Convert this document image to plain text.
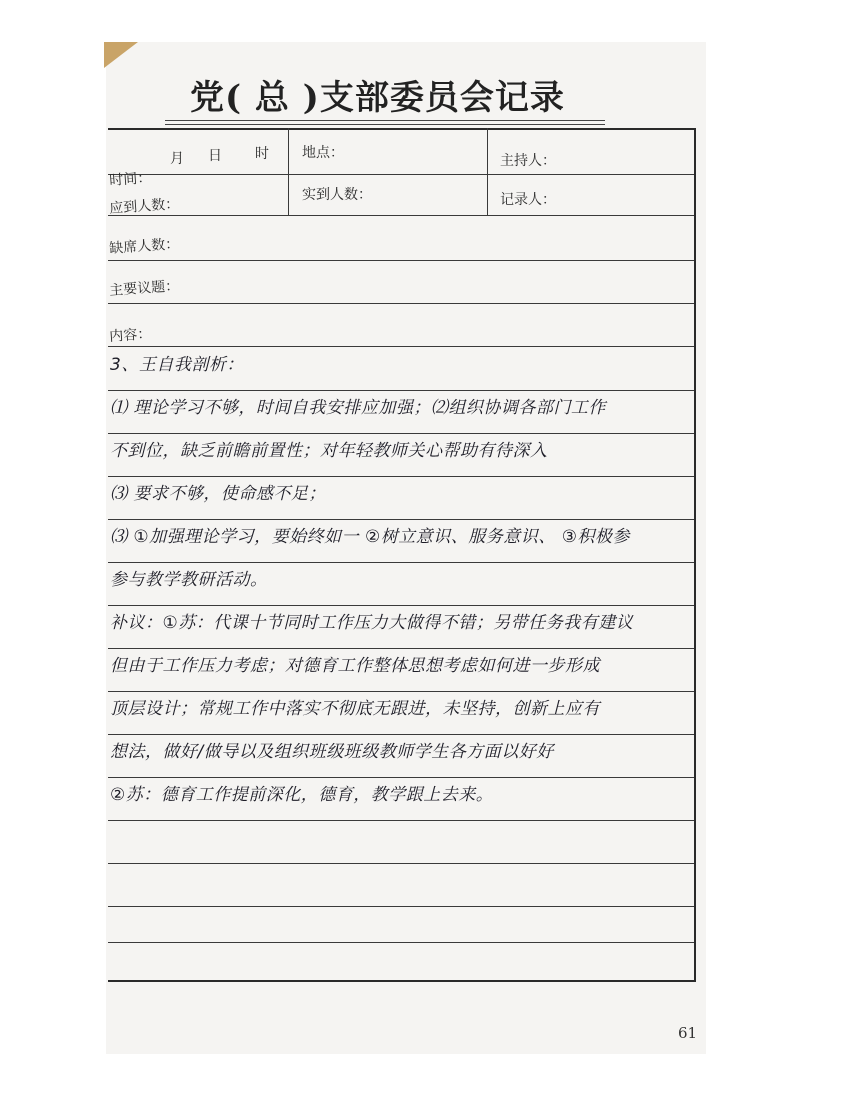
党( 总 )支部委员会记录
时间：
月 日 时 地点：	主持人：
应到人数：
实到人数：	记录人：
缺席人数：
主要议题：
内容：
3、王自我剖析：
⑴ 理论学习不够，时间自我安排应加强；⑵组织协调各部门工作
不到位，缺乏前瞻前置性；对年轻教师关心帮助有待深入
⑶ 要求不够，使命感不足；
⑶ ①加强理论学习，要始终如一 ②树立意识、服务意识、 ③积极参
参与教学教研活动。
补议：①苏：代课十节同时工作压力大做得不错；另带任务我有建议
但由于工作压力考虑；对德育工作整体思想考虑如何进一步形成
顶层设计；常规工作中落实不彻底无跟进，未坚持，创新上应有
想法，做好/做导以及组织班级班级教师学生各方面以好好
②苏：德育工作提前深化，德育，教学跟上去来。
61
